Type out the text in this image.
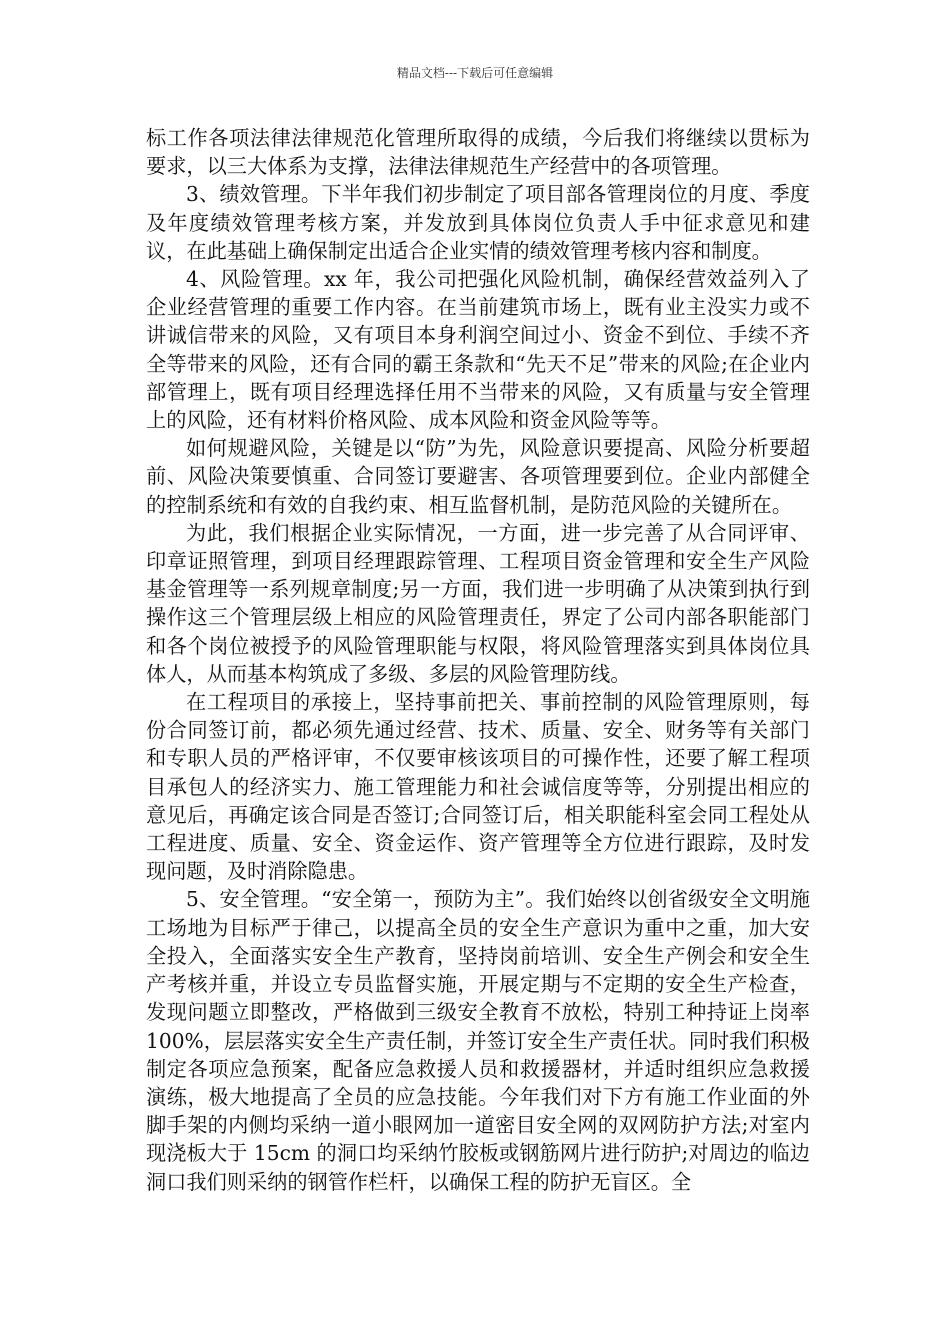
精品文档---下载后可任意编辑

标工作各项法律法律规范化管理所取得的成绩，今后我们将继续以贯标为要求，以三大体系为支撑，法律法律规范生产经营中的各项管理。

3、绩效管理。下半年我们初步制定了项目部各管理岗位的月度、季度及年度绩效管理考核方案，并发放到具体岗位负责人手中征求意见和建议，在此基础上确保制定出适合企业实情的绩效管理考核内容和制度。

4、风险管理。xx 年，我公司把强化风险机制，确保经营效益列入了企业经营管理的重要工作内容。在当前建筑市场上，既有业主没实力或不讲诚信带来的风险，又有项目本身利润空间过小、资金不到位、手续不齐全等带来的风险，还有合同的霸王条款和“先天不足”带来的风险;在企业内部管理上，既有项目经理选择任用不当带来的风险，又有质量与安全管理上的风险，还有材料价格风险、成本风险和资金风险等等。

如何规避风险，关键是以“防”为先，风险意识要提高、风险分析要超前、风险决策要慎重、合同签订要避害、各项管理要到位。企业内部健全的控制系统和有效的自我约束、相互监督机制，是防范风险的关键所在。

为此，我们根据企业实际情况，一方面，进一步完善了从合同评审、印章证照管理，到项目经理跟踪管理、工程项目资金管理和安全生产风险基金管理等一系列规章制度;另一方面，我们进一步明确了从决策到执行到操作这三个管理层级上相应的风险管理责任，界定了公司内部各职能部门和各个岗位被授予的风险管理职能与权限，将风险管理落实到具体岗位具体人，从而基本构筑成了多级、多层的风险管理防线。

在工程项目的承接上，坚持事前把关、事前控制的风险管理原则，每份合同签订前，都必须先通过经营、技术、质量、安全、财务等有关部门和专职人员的严格评审，不仅要审核该项目的可操作性，还要了解工程项目承包人的经济实力、施工管理能力和社会诚信度等等，分别提出相应的意见后，再确定该合同是否签订;合同签订后，相关职能科室会同工程处从工程进度、质量、安全、资金运作、资产管理等全方位进行跟踪，及时发现问题，及时消除隐患。

5、安全管理。“安全第一，预防为主”。我们始终以创省级安全文明施工场地为目标严于律己，以提高全员的安全生产意识为重中之重，加大安全投入，全面落实安全生产教育，坚持岗前培训、安全生产例会和安全生产考核并重，并设立专员监督实施，开展定期与不定期的安全生产检查，发现问题立即整改，严格做到三级安全教育不放松，特别工种持证上岗率 100%，层层落实安全生产责任制，并签订安全生产责任状。同时我们积极制定各项应急预案，配备应急救援人员和救援器材，并适时组织应急救援演练，极大地提高了全员的应急技能。今年我们对下方有施工作业面的外脚手架的内侧均采纳一道小眼网加一道密目安全网的双网防护方法;对室内现浇板大于 15cm 的洞口均采纳竹胶板或钢筋网片进行防护;对周边的临边洞口我们则采纳的钢管作栏杆，以确保工程的防护无盲区。全
